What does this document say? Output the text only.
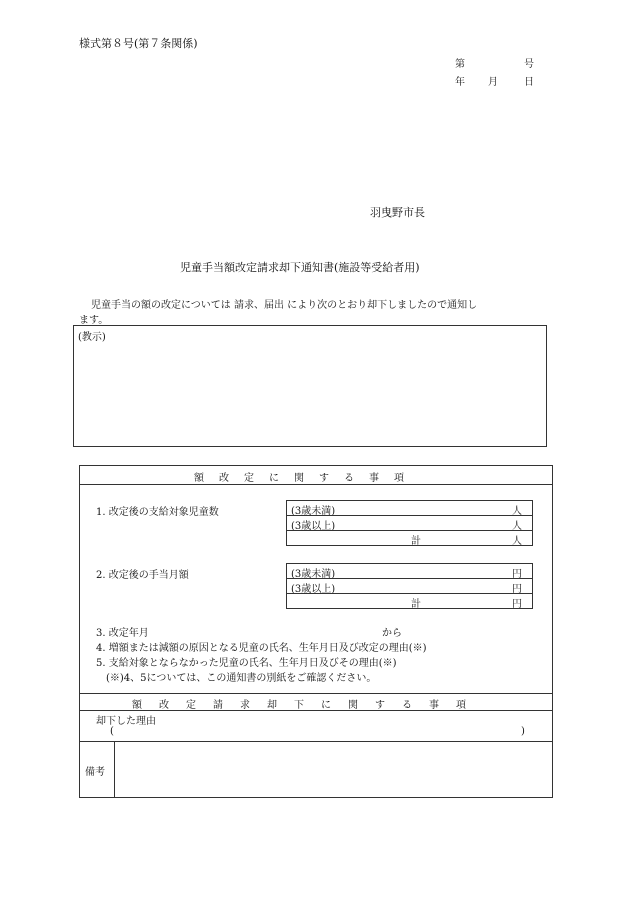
様式第８号(第７条関係)
第	号
年 月	日
羽曳野市長
児童手当額改定請求却下通知書(施設等受給者用)
児童手当の額の改定については 請求、届出 により次のとおり却下しましたので通知し
ます。
(教示)
額改定に関する事項
1. 改定後の支給対象児童数	(3歳未満)	人
(3歳以上)	人
計	人
2. 改定後の手当月額	(3歳未満)	円
(3歳以上)	円
計	円
3. 改定年月	から
4. 増額または減額の原因となる児童の氏名、生年月日及び改定の理由(※)
5. 支給対象とならなかった児童の氏名、生年月日及びその理由(※)
(※)4、5については、この通知書の別紙をご確認ください。
額改定請求却下に関する事項
却下した理由
(	)
備考
